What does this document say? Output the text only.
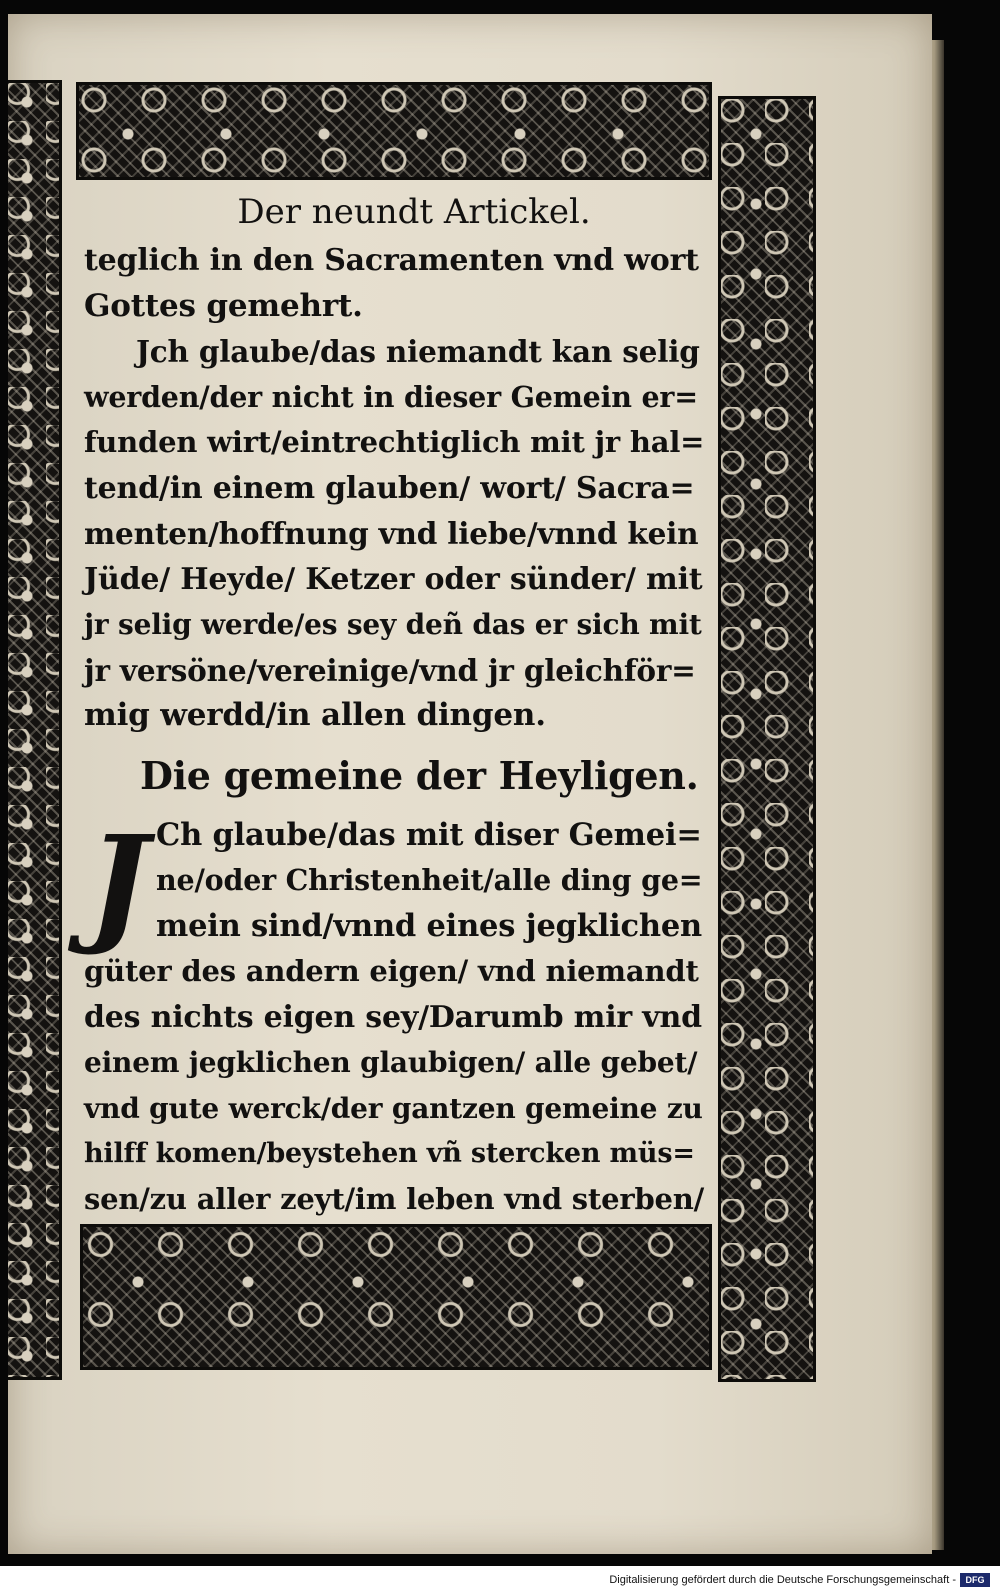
Der neundt Artickel.
teglich in den Sacramenten vnd wort
Gottes gemehrt.
Jch glaube/das niemandt kan selig
werden/der nicht in dieser Gemein er=
funden wirt/eintrechtiglich mit jr hal=
tend/in einem glauben/ wort/ Sacra=
menten/hoffnung vnd liebe/vnnd kein
Jüde/ Heyde/ Ketzer oder sünder/ mit
jr selig werde/es sey deñ das er sich mit
jr versöne/vereinige/vnd jr gleichför=
mig werdd/in allen dingen.
Die gemeine der Heyligen.
J Ch glaube/das mit diser Gemei=
ne/oder Christenheit/alle ding ge=
mein sind/vnnd eines jegklichen
güter des andern eigen/ vnd niemandt
des nichts eigen sey/Darumb mir vnd
einem jegklichen glaubigen/ alle gebet/
vnd gute werck/der gantzen gemeine zu
hilff komen/beystehen vñ stercken müs=
sen/zu aller zeyt/im leben vnd sterben/
Digitalisierung gefördert durch die Deutsche Forschungsgemeinschaft -	DFG
